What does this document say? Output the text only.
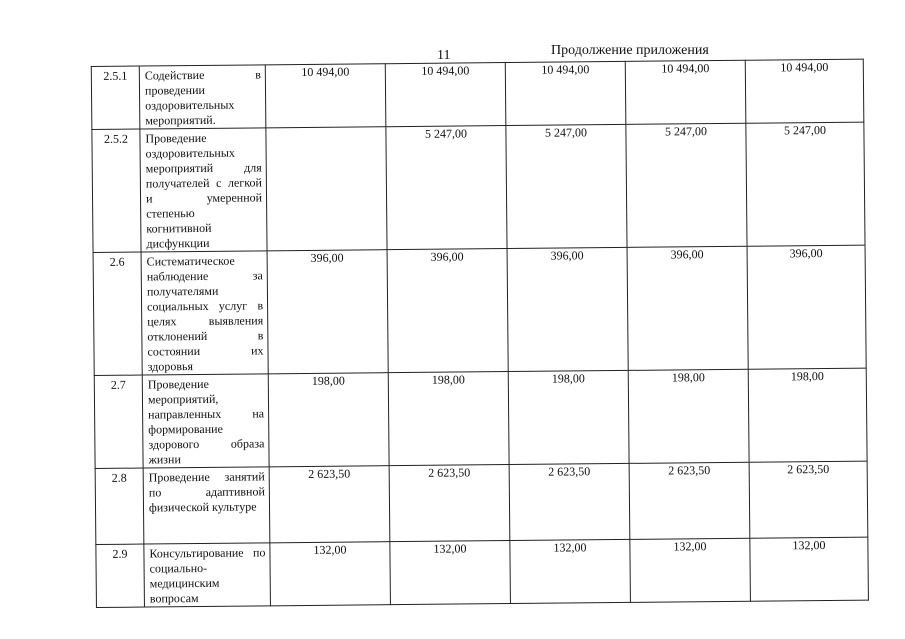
11	Продолжение приложения
2.5.1	Содействие в проведении оздоровительных мероприятий.	10 494,00	10 494,00	10 494,00	10 494,00	10 494,00
2.5.2	Проведение оздоровительных мероприятий для получателей с легкой и умеренной степенью когнитивной дисфункции		5 247,00	5 247,00	5 247,00	5 247,00
2.6	Систематическое наблюдение за получателями социальных услуг в целях выявления отклонений в состоянии их здоровья	396,00	396,00	396,00	396,00	396,00
2.7	Проведение мероприятий, направленных на формирование здорового образа жизни	198,00	198,00	198,00	198,00	198,00
2.8	Проведение занятий по адаптивной физической культуре	2 623,50	2 623,50	2 623,50	2 623,50	2 623,50
2.9	Консультирование по социально-медицинским вопросам	132,00	132,00	132,00	132,00	132,00
